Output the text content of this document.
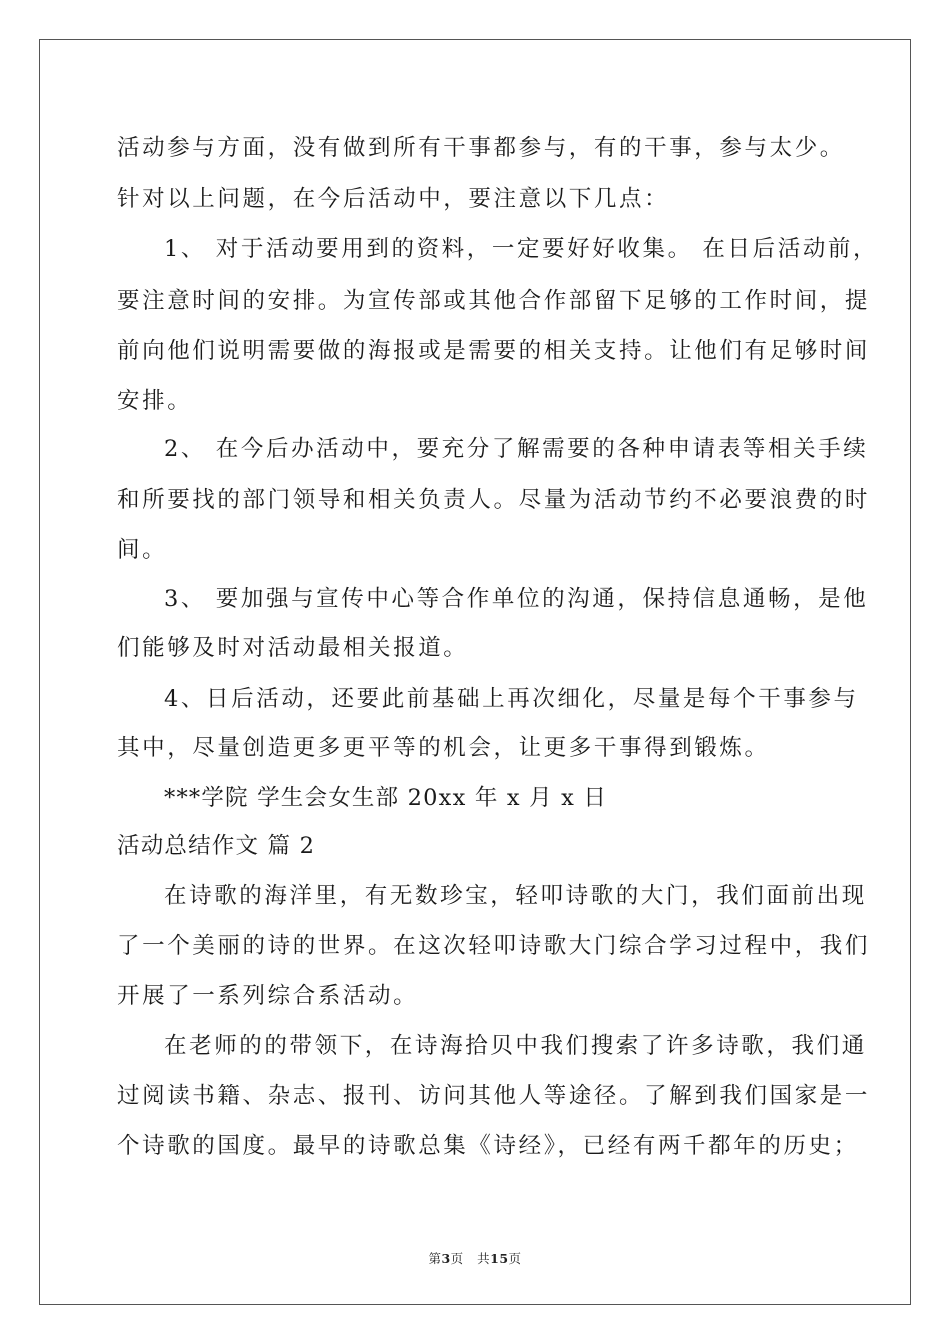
活动参与方面，没有做到所有干事都参与，有的干事，参与太少。
针对以上问题，在今后活动中，要注意以下几点：
1、 对于活动要用到的资料，一定要好好收集。 在日后活动前，
要注意时间的安排。为宣传部或其他合作部留下足够的工作时间，提
前向他们说明需要做的海报或是需要的相关支持。让他们有足够时间
安排。
2、 在今后办活动中，要充分了解需要的各种申请表等相关手续
和所要找的部门领导和相关负责人。尽量为活动节约不必要浪费的时
间。
3、 要加强与宣传中心等合作单位的沟通，保持信息通畅，是他
们能够及时对活动最相关报道。
4、日后活动，还要此前基础上再次细化，尽量是每个干事参与
其中，尽量创造更多更平等的机会，让更多干事得到锻炼。
***学院 学生会女生部 20xx 年 x 月 x 日
活动总结作文 篇 2
在诗歌的海洋里，有无数珍宝，轻叩诗歌的大门，我们面前出现
了一个美丽的诗的世界。在这次轻叩诗歌大门综合学习过程中，我们
开展了一系列综合系活动。
在老师的的带领下，在诗海拾贝中我们搜索了许多诗歌，我们通
过阅读书籍、杂志、报刊、访问其他人等途径。了解到我们国家是一
个诗歌的国度。最早的诗歌总集《诗经》，已经有两千都年的历史；
第3页 共15页
